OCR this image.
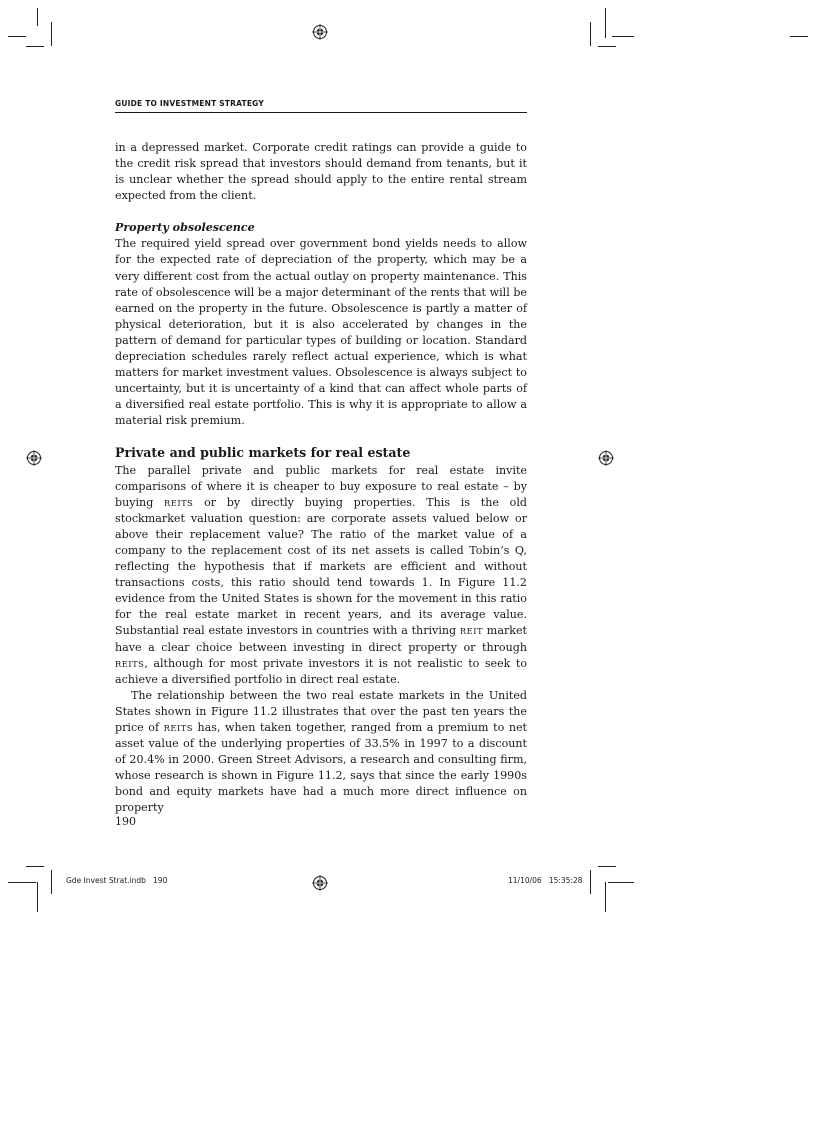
GUIDE TO INVESTMENT STRATEGY

in a depressed market. Corporate credit ratings can provide a guide to the credit risk spread that investors should demand from tenants, but it is unclear whether the spread should apply to the entire rental stream expected from the client.

Property obsolescence

The required yield spread over government bond yields needs to allow for the expected rate of depreciation of the property, which may be a very different cost from the actual outlay on property maintenance. This rate of obsolescence will be a major determinant of the rents that will be earned on the property in the future. Obsolescence is partly a matter of physical deterioration, but it is also accelerated by changes in the pattern of demand for particular types of building or location. Standard depreciation schedules rarely reflect actual experience, which is what matters for market investment values. Obsolescence is always subject to uncertainty, but it is uncertainty of a kind that can affect whole parts of a diversified real estate portfolio. This is why it is appropriate to allow a material risk premium.

Private and public markets for real estate

The parallel private and public markets for real estate invite comparisons of where it is cheaper to buy exposure to real estate – by buying REITS or by directly buying properties. This is the old stockmarket valuation question: are corporate assets valued below or above their replacement value? The ratio of the market value of a company to the replacement cost of its net assets is called Tobin’s Q, reflecting the hypothesis that if markets are efficient and without transactions costs, this ratio should tend towards 1. In Figure 11.2 evidence from the United States is shown for the movement in this ratio for the real estate market in recent years, and its average value. Substantial real estate investors in countries with a thriving REIT market have a clear choice between investing in direct property or through REITS, although for most private investors it is not realistic to seek to achieve a diversified portfolio in direct real estate.

The relationship between the two real estate markets in the United States shown in Figure 11.2 illustrates that over the past ten years the price of REITS has, when taken together, ranged from a premium to net asset value of the underlying properties of 33.5% in 1997 to a discount of 20.4% in 2000. Green Street Advisors, a research and consulting firm, whose research is shown in Figure 11.2, says that since the early 1990s bond and equity markets have had a much more direct influence on property

190
Gde Invest Strat.indb   190	11/10/06   15:35:28
